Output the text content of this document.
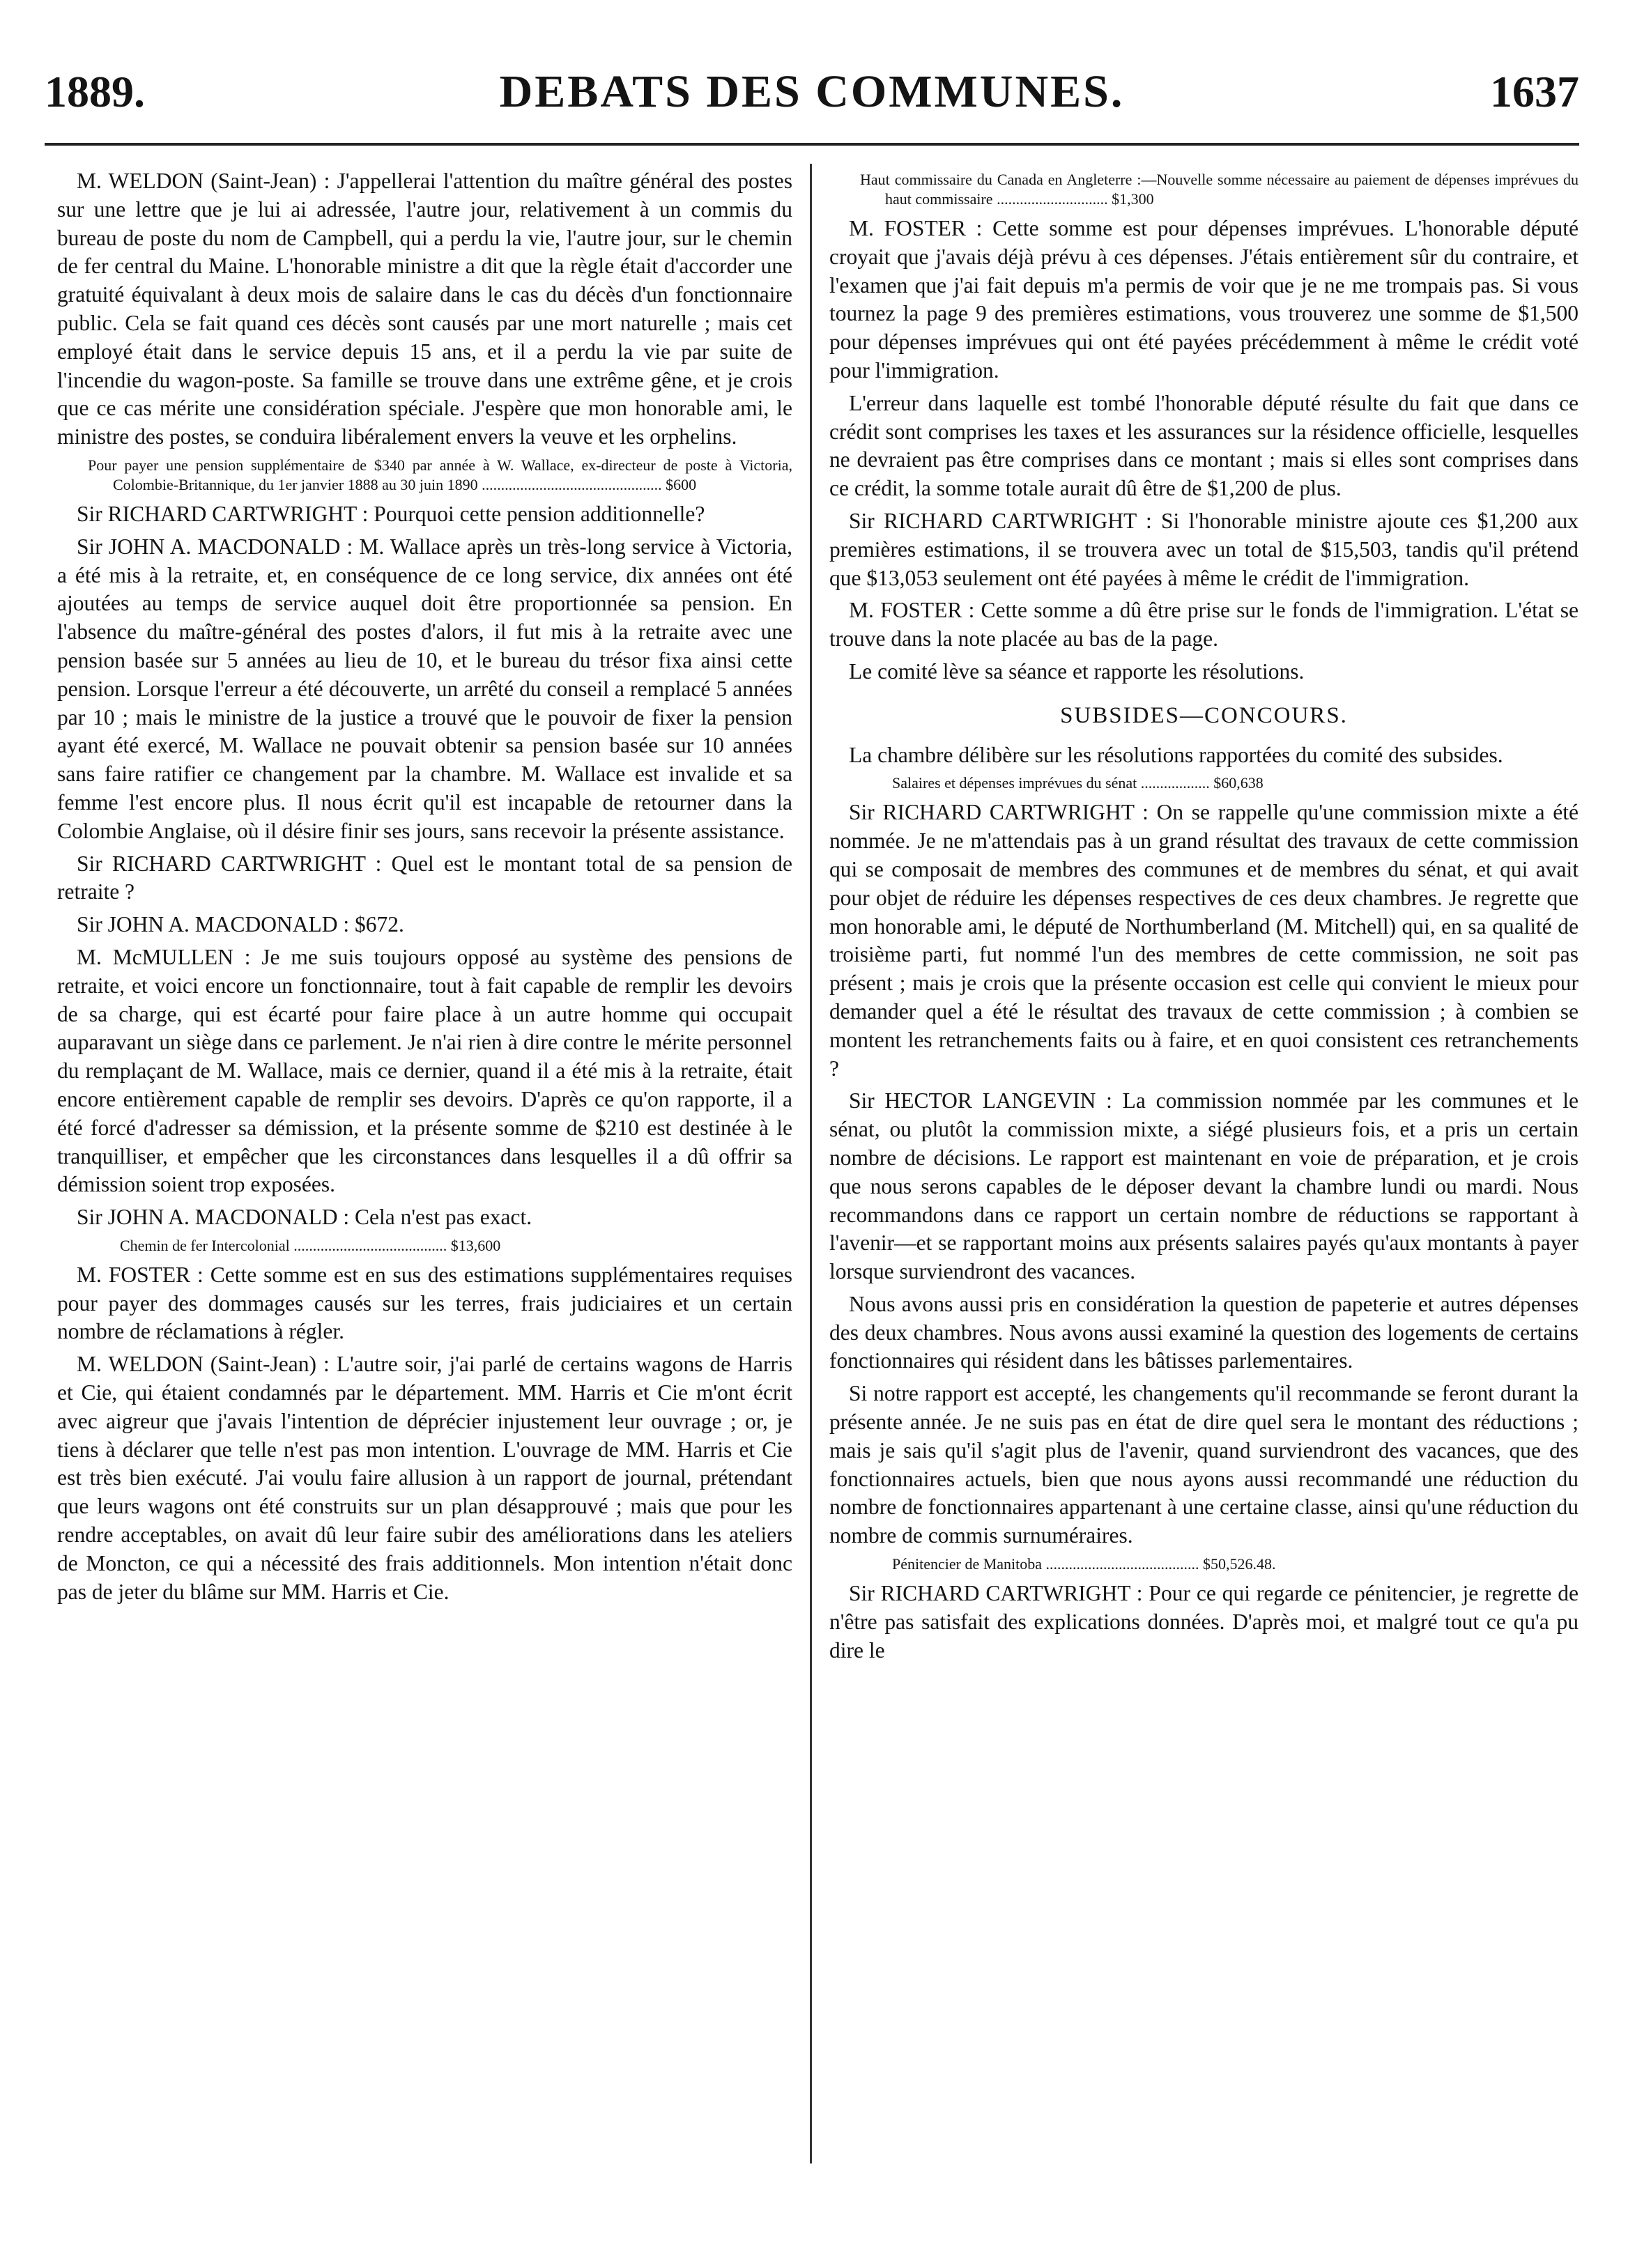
1889.	DEBATS DES COMMUNES.	1637

M. WELDON (Saint-Jean) : J'appellerai l'attention du maître général des postes sur une lettre que je lui ai adressée, l'autre jour, relativement à un commis du bureau de poste du nom de Campbell, qui a perdu la vie, l'autre jour, sur le chemin de fer central du Maine. L'honorable ministre a dit que la règle était d'accorder une gratuité équivalant à deux mois de salaire dans le cas du décès d'un fonctionnaire public. Cela se fait quand ces décès sont causés par une mort naturelle ; mais cet employé était dans le service depuis 15 ans, et il a perdu la vie par suite de l'incendie du wagon-poste. Sa famille se trouve dans une extrême gêne, et je crois que ce cas mérite une considération spéciale. J'espère que mon honorable ami, le ministre des postes, se conduira libéralement envers la veuve et les orphelins.

Pour payer une pension supplémentaire de $340 par année à W. Wallace, ex-directeur de poste à Victoria, Colombie-Britannique, du 1er janvier 1888 au 30 juin 1890 ............................................... $600

Sir RICHARD CARTWRIGHT : Pourquoi cette pension additionnelle?

Sir JOHN A. MACDONALD : M. Wallace après un très-long service à Victoria, a été mis à la retraite, et, en conséquence de ce long service, dix années ont été ajoutées au temps de service auquel doit être proportionnée sa pension. En l'absence du maître-général des postes d'alors, il fut mis à la retraite avec une pension basée sur 5 années au lieu de 10, et le bureau du trésor fixa ainsi cette pension. Lorsque l'erreur a été découverte, un arrêté du conseil a remplacé 5 années par 10 ; mais le ministre de la justice a trouvé que le pouvoir de fixer la pension ayant été exercé, M. Wallace ne pouvait obtenir sa pension basée sur 10 années sans faire ratifier ce changement par la chambre. M. Wallace est invalide et sa femme l'est encore plus. Il nous écrit qu'il est incapable de retourner dans la Colombie Anglaise, où il désire finir ses jours, sans recevoir la présente assistance.

Sir RICHARD CARTWRIGHT : Quel est le montant total de sa pension de retraite ?

Sir JOHN A. MACDONALD : $672.

M. McMULLEN : Je me suis toujours opposé au système des pensions de retraite, et voici encore un fonctionnaire, tout à fait capable de remplir les devoirs de sa charge, qui est écarté pour faire place à un autre homme qui occupait auparavant un siège dans ce parlement. Je n'ai rien à dire contre le mérite personnel du remplaçant de M. Wallace, mais ce dernier, quand il a été mis à la retraite, était encore entièrement capable de remplir ses devoirs. D'après ce qu'on rapporte, il a été forcé d'adresser sa démission, et la présente somme de $210 est destinée à le tranquilliser, et empêcher que les circonstances dans lesquelles il a dû offrir sa démission soient trop exposées.

Sir JOHN A. MACDONALD : Cela n'est pas exact.

Chemin de fer Intercolonial ........................................ $13,600

M. FOSTER : Cette somme est en sus des estimations supplémentaires requises pour payer des dommages causés sur les terres, frais judiciaires et un certain nombre de réclamations à régler.

M. WELDON (Saint-Jean) : L'autre soir, j'ai parlé de certains wagons de Harris et Cie, qui étaient condamnés par le département. MM. Harris et Cie m'ont écrit avec aigreur que j'avais l'intention de déprécier injustement leur ouvrage ; or, je tiens à déclarer que telle n'est pas mon intention. L'ouvrage de MM. Harris et Cie est très bien exécuté. J'ai voulu faire allusion à un rapport de journal, prétendant que leurs wagons ont été construits sur un plan désapprouvé ; mais que pour les rendre acceptables, on avait dû leur faire subir des améliorations dans les ateliers de Moncton, ce qui a nécessité des frais additionnels. Mon intention n'était donc pas de jeter du blâme sur MM. Harris et Cie.

Haut commissaire du Canada en Angleterre :—Nouvelle somme nécessaire au paiement de dépenses imprévues du haut commissaire ............................. $1,300

M. FOSTER : Cette somme est pour dépenses imprévues. L'honorable député croyait que j'avais déjà prévu à ces dépenses. J'étais entièrement sûr du contraire, et l'examen que j'ai fait depuis m'a permis de voir que je ne me trompais pas. Si vous tournez la page 9 des premières estimations, vous trouverez une somme de $1,500 pour dépenses imprévues qui ont été payées précédemment à même le crédit voté pour l'immigration.

L'erreur dans laquelle est tombé l'honorable député résulte du fait que dans ce crédit sont comprises les taxes et les assurances sur la résidence officielle, lesquelles ne devraient pas être comprises dans ce montant ; mais si elles sont comprises dans ce crédit, la somme totale aurait dû être de $1,200 de plus.

Sir RICHARD CARTWRIGHT : Si l'honorable ministre ajoute ces $1,200 aux premières estimations, il se trouvera avec un total de $15,503, tandis qu'il prétend que $13,053 seulement ont été payées à même le crédit de l'immigration.

M. FOSTER : Cette somme a dû être prise sur le fonds de l'immigration. L'état se trouve dans la note placée au bas de la page.

Le comité lève sa séance et rapporte les résolutions.

SUBSIDES—CONCOURS.

La chambre délibère sur les résolutions rapportées du comité des subsides.

Salaires et dépenses imprévues du sénat .................. $60,638

Sir RICHARD CARTWRIGHT : On se rappelle qu'une commission mixte a été nommée. Je ne m'attendais pas à un grand résultat des travaux de cette commission qui se composait de membres des communes et de membres du sénat, et qui avait pour objet de réduire les dépenses respectives de ces deux chambres. Je regrette que mon honorable ami, le député de Northumberland (M. Mitchell) qui, en sa qualité de troisième parti, fut nommé l'un des membres de cette commission, ne soit pas présent ; mais je crois que la présente occasion est celle qui convient le mieux pour demander quel a été le résultat des travaux de cette commission ; à combien se montent les retranchements faits ou à faire, et en quoi consistent ces retranchements ?

Sir HECTOR LANGEVIN : La commission nommée par les communes et le sénat, ou plutôt la commission mixte, a siégé plusieurs fois, et a pris un certain nombre de décisions. Le rapport est maintenant en voie de préparation, et je crois que nous serons capables de le déposer devant la chambre lundi ou mardi. Nous recommandons dans ce rapport un certain nombre de réductions se rapportant à l'avenir—et se rapportant moins aux présents salaires payés qu'aux montants à payer lorsque surviendront des vacances.

Nous avons aussi pris en considération la question de papeterie et autres dépenses des deux chambres. Nous avons aussi examiné la question des logements de certains fonctionnaires qui résident dans les bâtisses parlementaires.

Si notre rapport est accepté, les changements qu'il recommande se feront durant la présente année. Je ne suis pas en état de dire quel sera le montant des réductions ; mais je sais qu'il s'agit plus de l'avenir, quand surviendront des vacances, que des fonctionnaires actuels, bien que nous ayons aussi recommandé une réduction du nombre de fonctionnaires appartenant à une certaine classe, ainsi qu'une réduction du nombre de commis surnuméraires.

Pénitencier de Manitoba ........................................ $50,526.48.

Sir RICHARD CARTWRIGHT : Pour ce qui regarde ce pénitencier, je regrette de n'être pas satisfait des explications données. D'après moi, et malgré tout ce qu'a pu dire le
